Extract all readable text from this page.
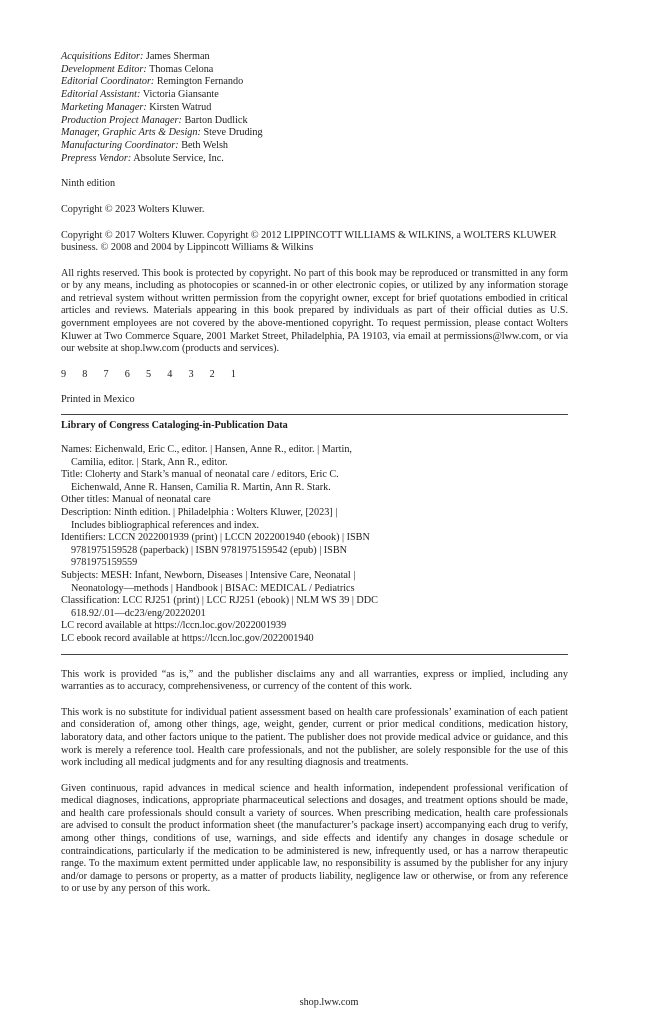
Acquisitions Editor: James Sherman
Development Editor: Thomas Celona
Editorial Coordinator: Remington Fernando
Editorial Assistant: Victoria Giansante
Marketing Manager: Kirsten Watrud
Production Project Manager: Barton Dudlick
Manager, Graphic Arts & Design: Steve Druding
Manufacturing Coordinator: Beth Welsh
Prepress Vendor: Absolute Service, Inc.

Ninth edition

Copyright © 2023 Wolters Kluwer.

Copyright © 2017 Wolters Kluwer. Copyright © 2012 LIPPINCOTT WILLIAMS & WILKINS, a WOLTERS KLUWER business. © 2008 and 2004 by Lippincott Williams & Wilkins

All rights reserved. This book is protected by copyright. No part of this book may be reproduced or transmitted in any form or by any means, including as photocopies or scanned-in or other electronic copies, or utilized by any information storage and retrieval system without written permission from the copyright owner, except for brief quotations embodied in critical articles and reviews. Materials appearing in this book prepared by individuals as part of their official duties as U.S. government employees are not covered by the above-mentioned copyright. To request permission, please contact Wolters Kluwer at Two Commerce Square, 2001 Market Street, Philadelphia, PA 19103, via email at permissions@lww.com, or via our website at shop.lww.com (products and services).

9 8 7 6 5 4 3 2 1

Printed in Mexico

Library of Congress Cataloging-in-Publication Data

Names: Eichenwald, Eric C., editor. | Hansen, Anne R., editor. | Martin,
Camilia, editor. | Stark, Ann R., editor.
Title: Cloherty and Stark’s manual of neonatal care / editors, Eric C.
Eichenwald, Anne R. Hansen, Camilia R. Martin, Ann R. Stark.
Other titles: Manual of neonatal care
Description: Ninth edition. | Philadelphia : Wolters Kluwer, [2023] |
Includes bibliographical references and index.
Identifiers: LCCN 2022001939 (print) | LCCN 2022001940 (ebook) | ISBN
9781975159528 (paperback) | ISBN 9781975159542 (epub) | ISBN
9781975159559
Subjects: MESH: Infant, Newborn, Diseases | Intensive Care, Neonatal |
Neonatology—methods | Handbook | BISAC: MEDICAL / Pediatrics
Classification: LCC RJ251 (print) | LCC RJ251 (ebook) | NLM WS 39 | DDC
618.92/.01—dc23/eng/20220201
LC record available at https://lccn.loc.gov/2022001939
LC ebook record available at https://lccn.loc.gov/2022001940

This work is provided “as is,” and the publisher disclaims any and all warranties, express or implied, including any warranties as to accuracy, comprehensiveness, or currency of the content of this work.

This work is no substitute for individual patient assessment based on health care professionals’ examination of each patient and consideration of, among other things, age, weight, gender, current or prior medical conditions, medication history, laboratory data, and other factors unique to the patient. The publisher does not provide medical advice or guidance, and this work is merely a reference tool. Health care professionals, and not the publisher, are solely responsible for the use of this work including all medical judgments and for any resulting diagnosis and treatments.

Given continuous, rapid advances in medical science and health information, independent professional verification of medical diagnoses, indications, appropriate pharmaceutical selections and dosages, and treatment options should be made, and health care professionals should consult a variety of sources. When prescribing medication, health care professionals are advised to consult the product information sheet (the manufacturer’s package insert) accompanying each drug to verify, among other things, conditions of use, warnings, and side effects and identify any changes in dosage schedule or contraindications, particularly if the medication to be administered is new, infrequently used, or has a narrow therapeutic range. To the maximum extent permitted under applicable law, no responsibility is assumed by the publisher for any injury and/or damage to persons or property, as a matter of products liability, negligence law or otherwise, or from any reference to or use by any person of this work.

shop.lww.com
